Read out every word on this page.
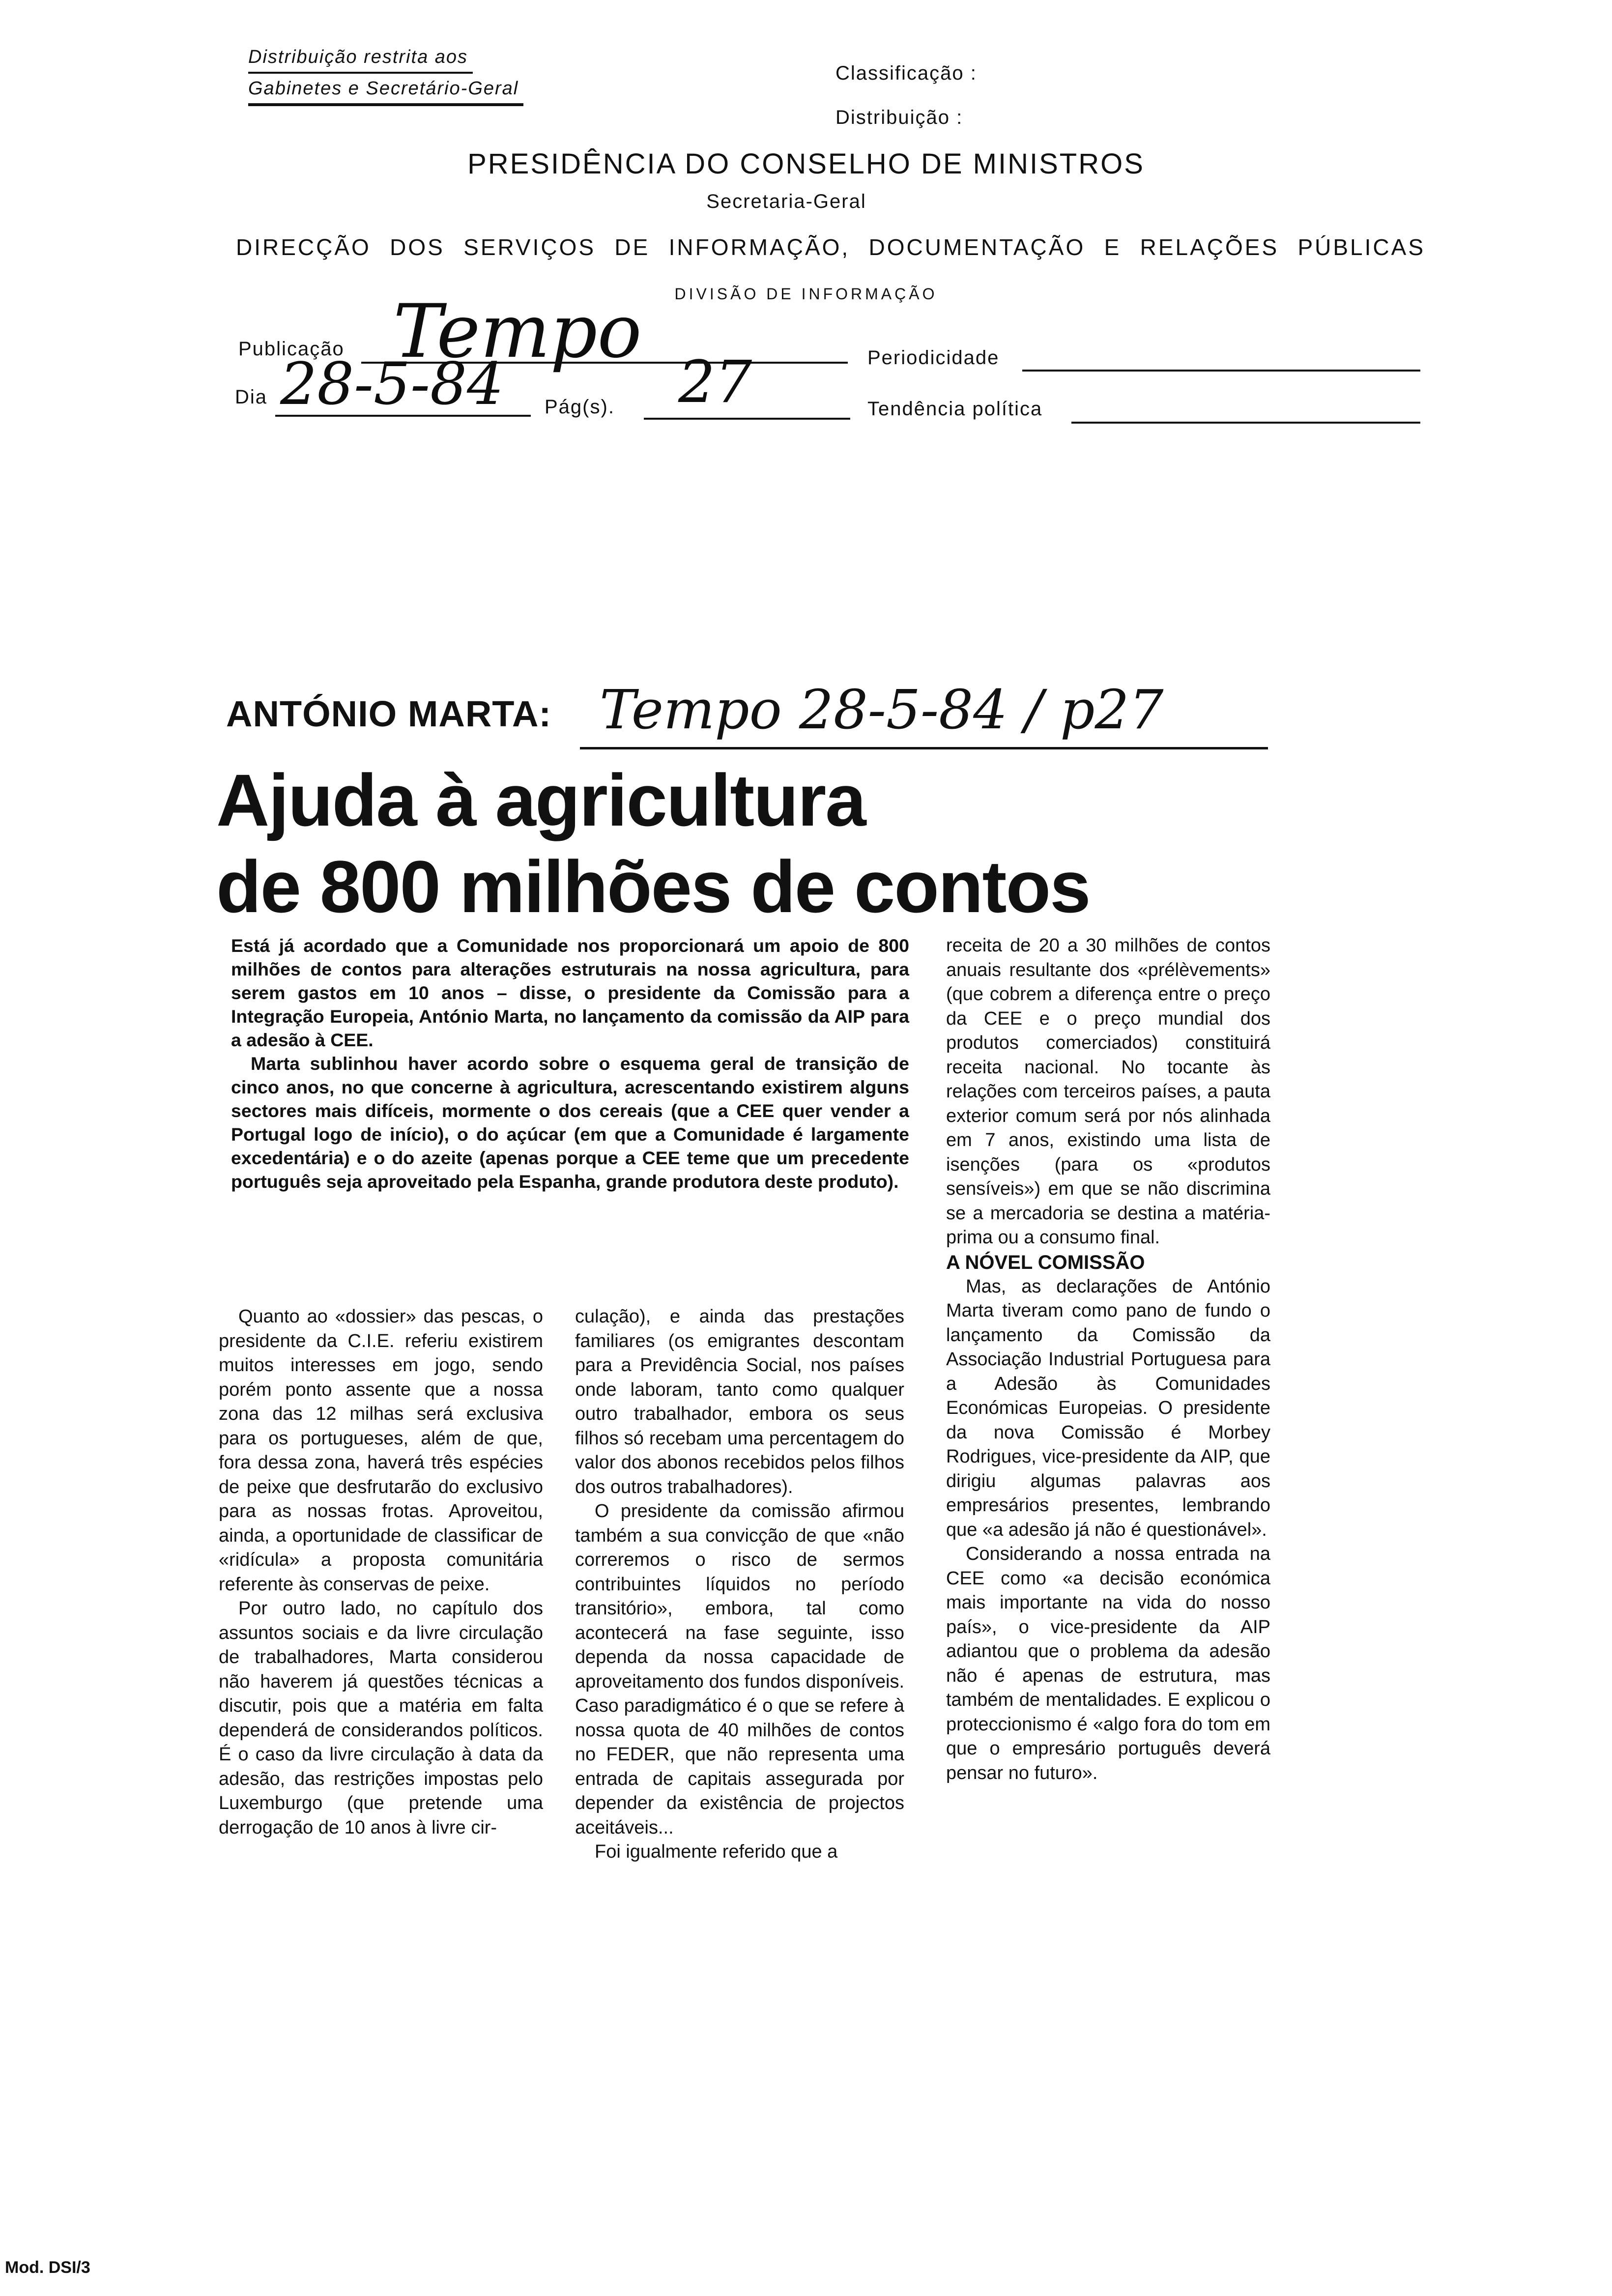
Distribuição restrita aos
Gabinetes e Secretário-Geral
Classificação :
Distribuição :
PRESIDÊNCIA DO CONSELHO DE MINISTROS
Secretaria-Geral
DIRECÇÃO DOS SERVIÇOS DE INFORMAÇÃO, DOCUMENTAÇÃO E RELAÇÕES PÚBLICAS
DIVISÃO DE INFORMAÇÃO
Publicação Tempo	Periodicidade
Dia 28-5-84 Pág(s). 27	Tendência política
ANTÓNIO MARTA: Tempo 28-5-84 / p27
Ajuda à agricultura
de 800 milhões de contos

Está já acordado que a Comunidade nos proporcionará um apoio de 800 milhões de contos para alterações estruturais na nossa agricultura, para serem gastos em 10 anos – disse, o presidente da Comissão para a Integração Europeia, António Marta, no lançamento da comissão da AIP para a adesão à CEE.

Marta sublinhou haver acordo sobre o esquema geral de transição de cinco anos, no que concerne à agricultura, acrescentando existirem alguns sectores mais difíceis, mormente o dos cereais (que a CEE quer vender a Portugal logo de início), o do açúcar (em que a Comunidade é largamente excedentária) e o do azeite (apenas porque a CEE teme que um precedente português seja aproveitado pela Espanha, grande produtora deste produto).

Quanto ao «dossier» das pescas, o presidente da C.I.E. referiu existirem muitos interesses em jogo, sendo porém ponto assente que a nossa zona das 12 milhas será exclusiva para os portugueses, além de que, fora dessa zona, haverá três espécies de peixe que desfrutarão do exclusivo para as nossas frotas. Aproveitou, ainda, a oportunidade de classificar de «ridícula» a proposta comunitária referente às conservas de peixe.

Por outro lado, no capítulo dos assuntos sociais e da livre circulação de trabalhadores, Marta considerou não haverem já questões técnicas a discutir, pois que a matéria em falta dependerá de considerandos políticos. É o caso da livre circulação à data da adesão, das restrições impostas pelo Luxemburgo (que pretende uma derrogação de 10 anos à livre cir-

culação), e ainda das prestações familiares (os emigrantes descontam para a Previdência Social, nos países onde laboram, tanto como qualquer outro trabalhador, embora os seus filhos só recebam uma percentagem do valor dos abonos recebidos pelos filhos dos outros trabalhadores).

O presidente da comissão afirmou também a sua convicção de que «não correremos o risco de sermos contribuintes líquidos no período transitório», embora, tal como acontecerá na fase seguinte, isso dependa da nossa capacidade de aproveitamento dos fundos disponíveis. Caso paradigmático é o que se refere à nossa quota de 40 milhões de contos no FEDER, que não representa uma entrada de capitais assegurada por depender da existência de projectos aceitáveis...

Foi igualmente referido que a

receita de 20 a 30 milhões de contos anuais resultante dos «prélèvements» (que cobrem a diferença entre o preço da CEE e o preço mundial dos produtos comerciados) constituirá receita nacional. No tocante às relações com terceiros países, a pauta exterior comum será por nós alinhada em 7 anos, existindo uma lista de isenções (para os «produtos sensíveis») em que se não discrimina se a mercadoria se destina a matéria-prima ou a consumo final.

A NÓVEL COMISSÃO

Mas, as declarações de António Marta tiveram como pano de fundo o lançamento da Comissão da Associação Industrial Portuguesa para a Adesão às Comunidades Económicas Europeias. O presidente da nova Comissão é Morbey Rodrigues, vice-presidente da AIP, que dirigiu algumas palavras aos empresários presentes, lembrando que «a adesão já não é questionável».

Considerando a nossa entrada na CEE como «a decisão económica mais importante na vida do nosso país», o vice-presidente da AIP adiantou que o problema da adesão não é apenas de estrutura, mas também de mentalidades. E explicou o proteccionismo é «algo fora do tom em que o empresário português deverá pensar no futuro».

Mod. DSI/3
